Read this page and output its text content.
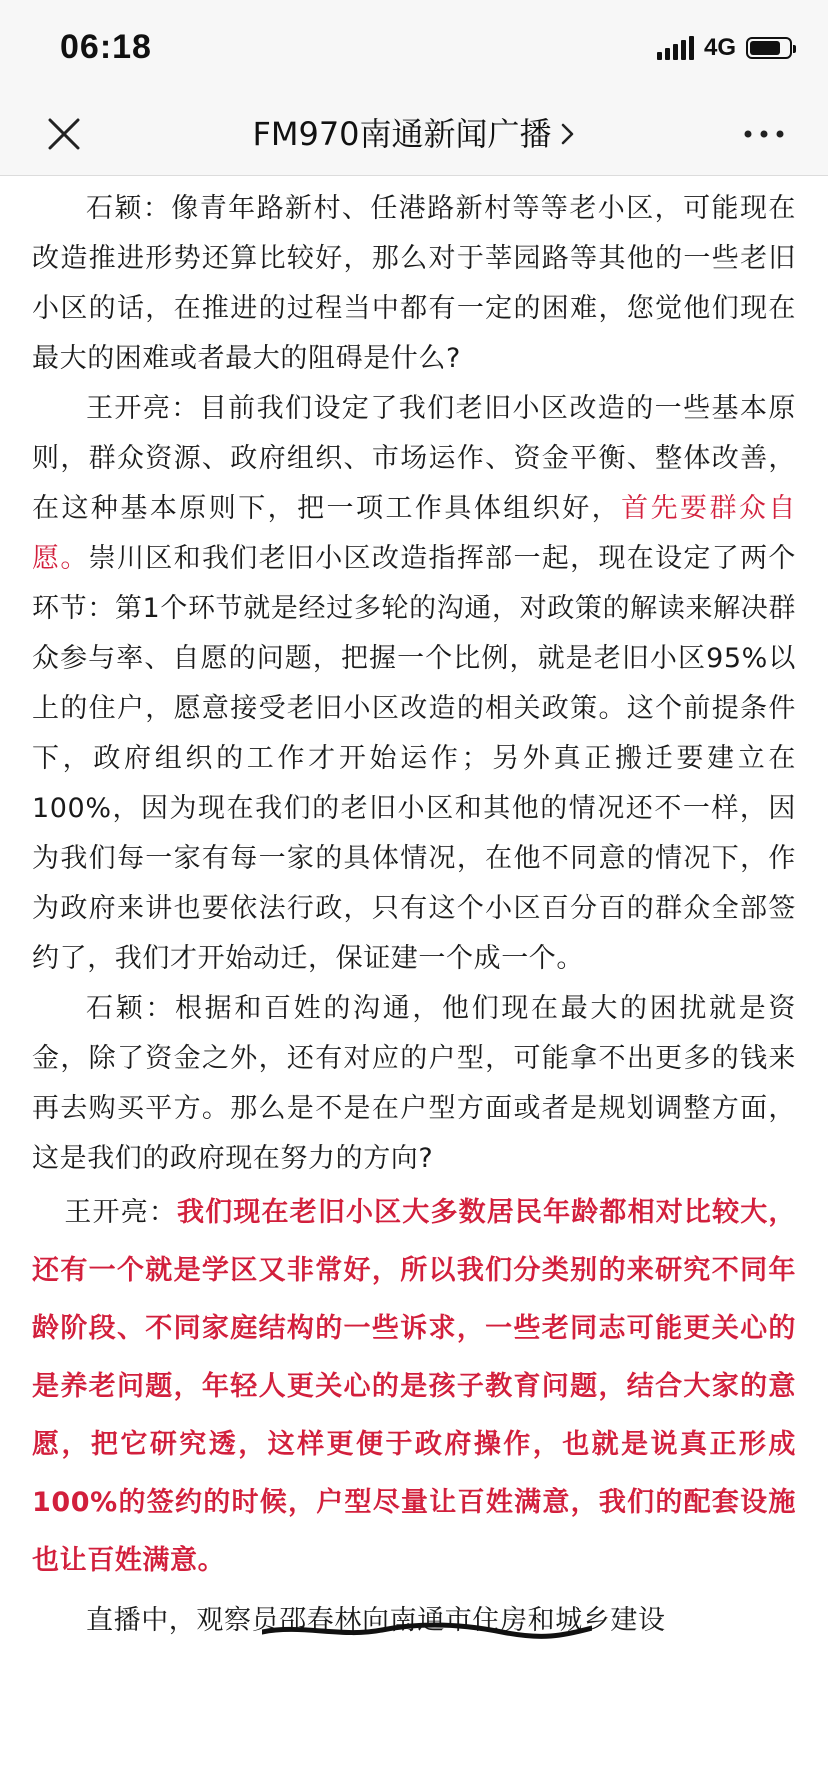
06:18	4G
FM970南通新闻广播

石颖：像青年路新村、任港路新村等等老小区，可能现在改造推进形势还算比较好，那么对于莘园路等其他的一些老旧小区的话，在推进的过程当中都有一定的困难，您觉他们现在最大的困难或者最大的阻碍是什么?

王开亮：目前我们设定了我们老旧小区改造的一些基本原则，群众资源、政府组织、市场运作、资金平衡、整体改善，在这种基本原则下，把一项工作具体组织好，首先要群众自愿。崇川区和我们老旧小区改造指挥部一起，现在设定了两个环节：第1个环节就是经过多轮的沟通，对政策的解读来解决群众参与率、自愿的问题，把握一个比例，就是老旧小区95%以上的住户，愿意接受老旧小区改造的相关政策。这个前提条件下，政府组织的工作才开始运作；另外真正搬迁要建立在100%，因为现在我们的老旧小区和其他的情况还不一样，因为我们每一家有每一家的具体情况，在他不同意的情况下，作为政府来讲也要依法行政，只有这个小区百分百的群众全部签约了，我们才开始动迁，保证建一个成一个。

石颖：根据和百姓的沟通，他们现在最大的困扰就是资金，除了资金之外，还有对应的户型，可能拿不出更多的钱来再去购买平方。那么是不是在户型方面或者是规划调整方面，这是我们的政府现在努力的方向?

王开亮：我们现在老旧小区大多数居民年龄都相对比较大，还有一个就是学区又非常好，所以我们分类别的来研究不同年龄阶段、不同家庭结构的一些诉求，一些老同志可能更关心的是养老问题，年轻人更关心的是孩子教育问题，结合大家的意愿，把它研究透，这样更便于政府操作，也就是说真正形成100%的签约的时候，户型尽量让百姓满意，我们的配套设施也让百姓满意。

直播中，观察员邵春林向南通市住房和城乡建设
